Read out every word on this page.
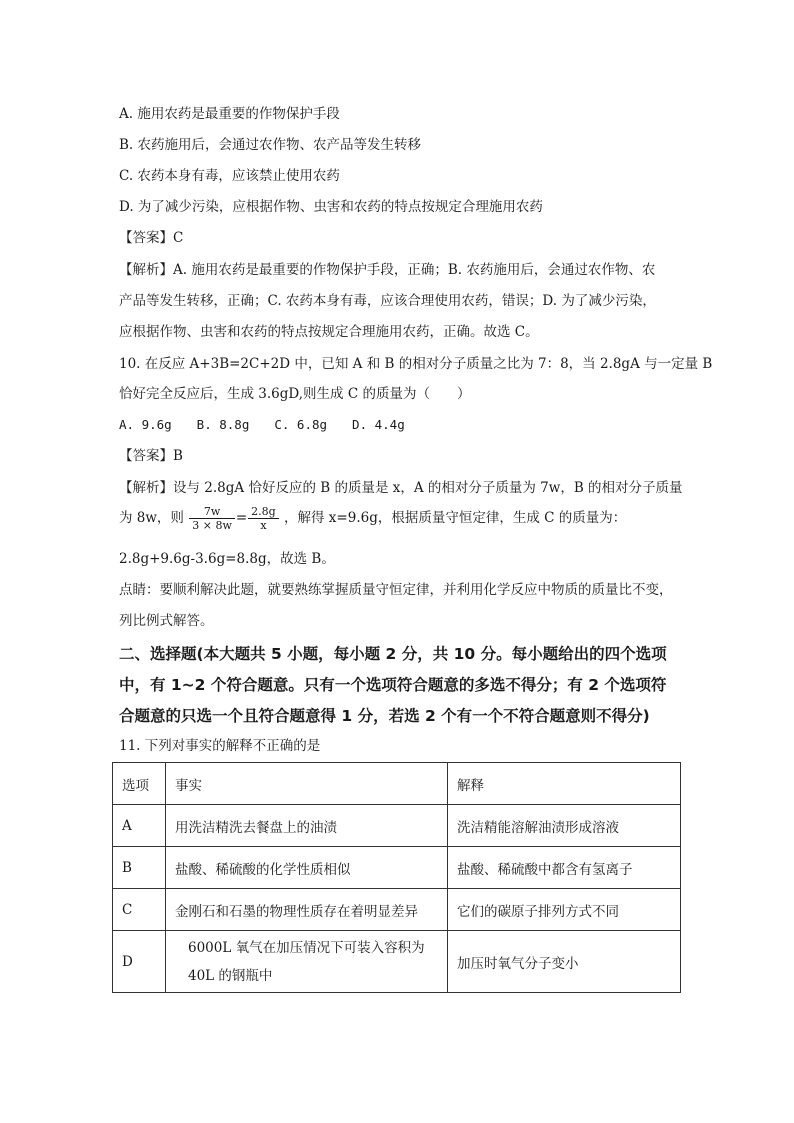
A. 施用农药是最重要的作物保护手段
B. 农药施用后，会通过农作物、农产品等发生转移
C. 农药本身有毒，应该禁止使用农药
D. 为了减少污染，应根据作物、虫害和农药的特点按规定合理施用农药
【答案】C
【解析】A. 施用农药是最重要的作物保护手段，正确；B. 农药施用后，会通过农作物、农
产品等发生转移，正确；C. 农药本身有毒，应该合理使用农药，错误；D. 为了减少污染，
应根据作物、虫害和农药的特点按规定合理施用农药，正确。故选 C。
10. 在反应 A+3B=2C+2D 中，已知 A 和 B 的相对分子质量之比为 7：8，当 2.8gA 与一定量 B
恰好完全反应后，生成 3.6gD,则生成 C 的质量为（　　）
A. 9.6g　　B. 8.8g　　C. 6.8g　　D. 4.4g
【答案】B
【解析】设与 2.8gA 恰好反应的 B 的质量是 x，A 的相对分子质量为 7w，B 的相对分子质量
为 8w，则 $\frac{7w}{3 \times 8w} = \frac{2.8g}{x}$ ，解得 x=9.6g，根据质量守恒定律，生成 C 的质量为：
2.8g+9.6g-3.6g=8.8g，故选 B。
点睛：要顺利解决此题，就要熟练掌握质量守恒定律，并利用化学反应中物质的质量比不变，
列比例式解答。
二、选择题(本大题共 5 小题，每小题 2 分，共 10 分。每小题给出的四个选项
中，有 1~2 个符合题意。只有一个选项符合题意的多选不得分；有 2 个选项符
合题意的只选一个且符合题意得 1 分，若选 2 个有一个不符合题意则不得分)
11. 下列对事实的解释不正确的是
选项	事实	解释
A	用洗洁精洗去餐盘上的油渍	洗洁精能溶解油渍形成溶液
B	盐酸、稀硫酸的化学性质相似	盐酸、稀硫酸中都含有氢离子
C	金刚石和石墨的物理性质存在着明显差异	它们的碳原子排列方式不同
D	6000L 氧气在加压情况下可装入容积为 40L 的钢瓶中	加压时氧气分子变小
